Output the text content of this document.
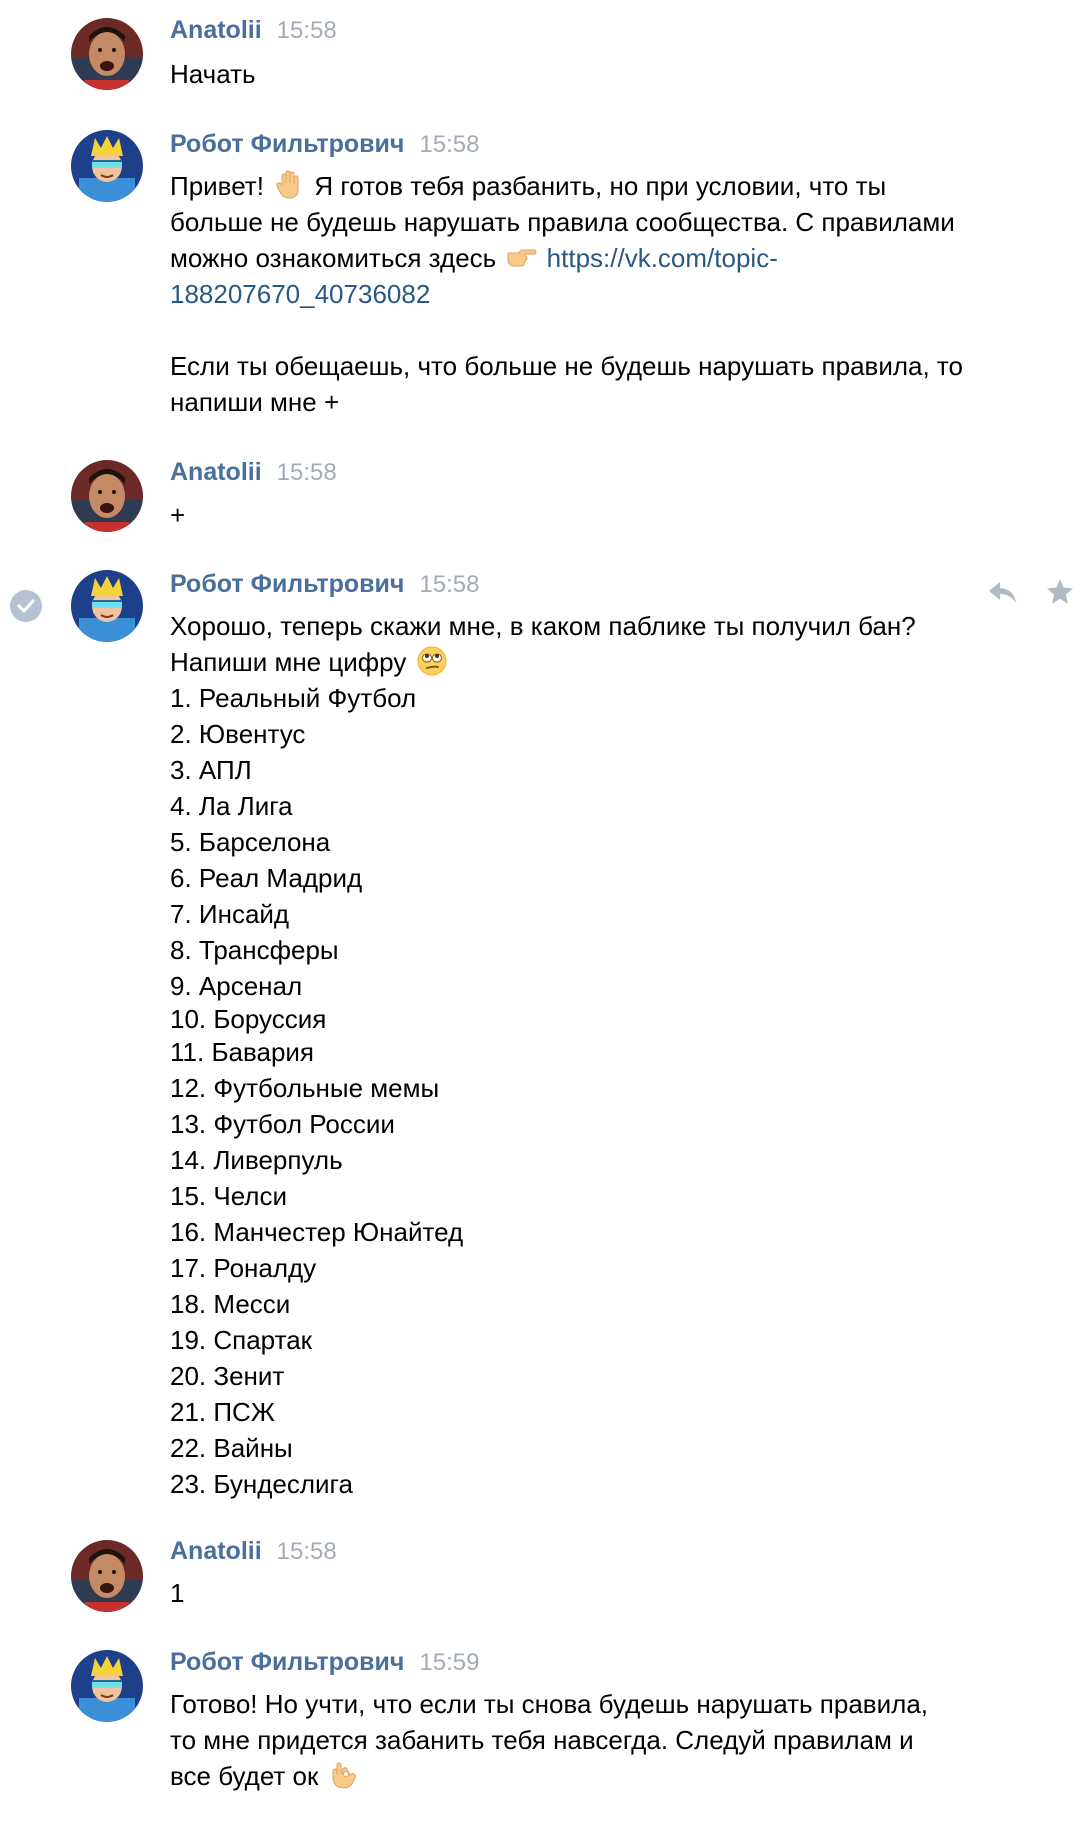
Anatolii 15:58
Начать
Робот Фильтрович 15:58
Привет! Я готов тебя разбанить, но при условии, что ты
больше не будешь нарушать правила сообщества. С правилами
можно ознакомиться здесь https://vk.com/topic-
188207670_40736082
Если ты обещаешь, что больше не будешь нарушать правила, то
напиши мне +
Anatolii 15:58
+
Робот Фильтрович 15:58
Хорошо, теперь скажи мне, в каком паблике ты получил бан?
Напиши мне цифру
1. Реальный Футбол
2. Ювентус
3. АПЛ
4. Ла Лига
5. Барселона
6. Реал Мадрид
7. Инсайд
8. Трансферы
9. Арсенал
10. Боруссия
11. Бавария
12. Футбольные мемы
13. Футбол России
14. Ливерпуль
15. Челси
16. Манчестер Юнайтед
17. Роналду
18. Месси
19. Спартак
20. Зенит
21. ПСЖ
22. Вайны
23. Бундеслига
Anatolii 15:58
1
Робот Фильтрович 15:59
Готово! Но учти, что если ты снова будешь нарушать правила,
то мне придется забанить тебя навсегда. Следуй правилам и
все будет ок
